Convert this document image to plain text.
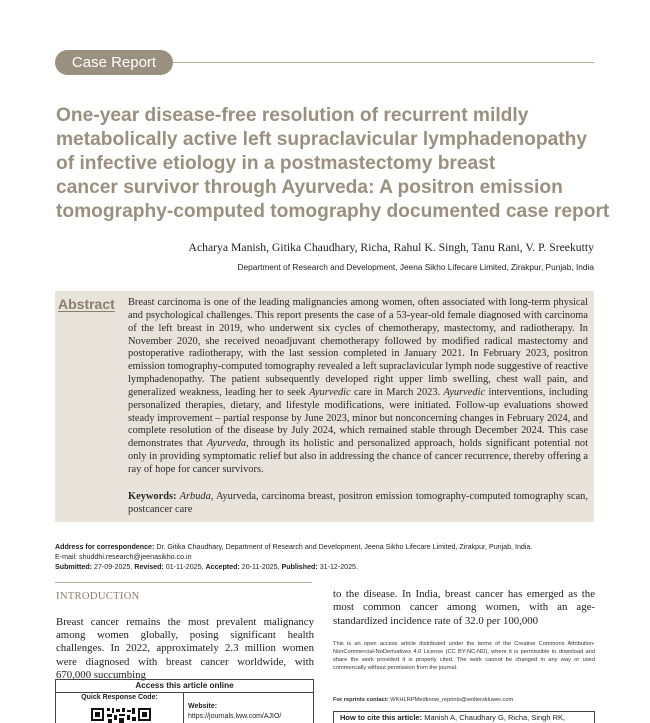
Case Report
One-year disease-free resolution of recurrent mildly
metabolically active left supraclavicular lymphadenopathy
of infective etiology in a postmastectomy breast
cancer survivor through Ayurveda: A positron emission
tomography-computed tomography documented case report
Acharya Manish, Gitika Chaudhary, Richa, Rahul K. Singh, Tanu Rani, V. P. Sreekutty
Department of Research and Development, Jeena Sikho Lifecare Limited, Zirakpur, Punjab, India
Abstract Breast carcinoma is one of the leading malignancies among women, often associated with long-term physical and psychological challenges. This report presents the case of a 53-year-old female diagnosed with carcinoma of the left breast in 2019, who underwent six cycles of chemotherapy, mastectomy, and radiotherapy. In November 2020, she received neoadjuvant chemotherapy followed by modified radical mastectomy and postoperative radiotherapy, with the last session completed in January 2021. In February 2023, positron emission tomography-computed tomography revealed a left supraclavicular lymph node suggestive of reactive lymphadenopathy. The patient subsequently developed right upper limb swelling, chest wall pain, and generalized weakness, leading her to seek Ayurvedic care in March 2023. Ayurvedic interventions, including personalized therapies, dietary, and lifestyle modifications, were initiated. Follow-up evaluations showed steady improvement – partial response by June 2023, minor but nonconcerning changes in February 2024, and complete resolution of the disease by July 2024, which remained stable through December 2024. This case demonstrates that Ayurveda, through its holistic and personalized approach, holds significant potential not only in providing symptomatic relief but also in addressing the chance of cancer recurrence, thereby offering a ray of hope for cancer survivors.
Keywords: Arbuda, Ayurveda, carcinoma breast, positron emission tomography-computed tomography scan, postcancer care
Address for correspondence: Dr. Gitika Chaudhary, Department of Research and Development, Jeena Sikho Lifecare Limited, Zirakpur, Punjab, India.
E-mail: shuddhi.research@jeenasikho.co.in
Submitted: 27-09-2025, Revised: 01-11-2025, Accepted: 20-11-2025, Published: 31-12-2025.
INTRODUCTION
Breast cancer remains the most prevalent malignancy among women globally, posing significant health challenges. In 2022, approximately 2.3 million women were diagnosed with breast cancer worldwide, with 670,000 succumbing
Access this article online
Quick Response Code:
Website:
https://journals.lww.com/AJIO/
to the disease. In India, breast cancer has emerged as the most common cancer among women, with an age-standardized incidence rate of 32.0 per 100,000
This is an open access article distributed under the terms of the Creative Commons Attribution-NonCommercial-NoDerivatives 4.0 License (CC BY-NC-ND), where it is permissible to download and share the work provided it is properly cited. The work cannot be changed in any way or used commercially without permission from the journal.
For reprints contact: WKHLRPMedknow_reprints@wolterskluwer.com
How to cite this article: Manish A, Chaudhary G, Richa, Singh RK,
